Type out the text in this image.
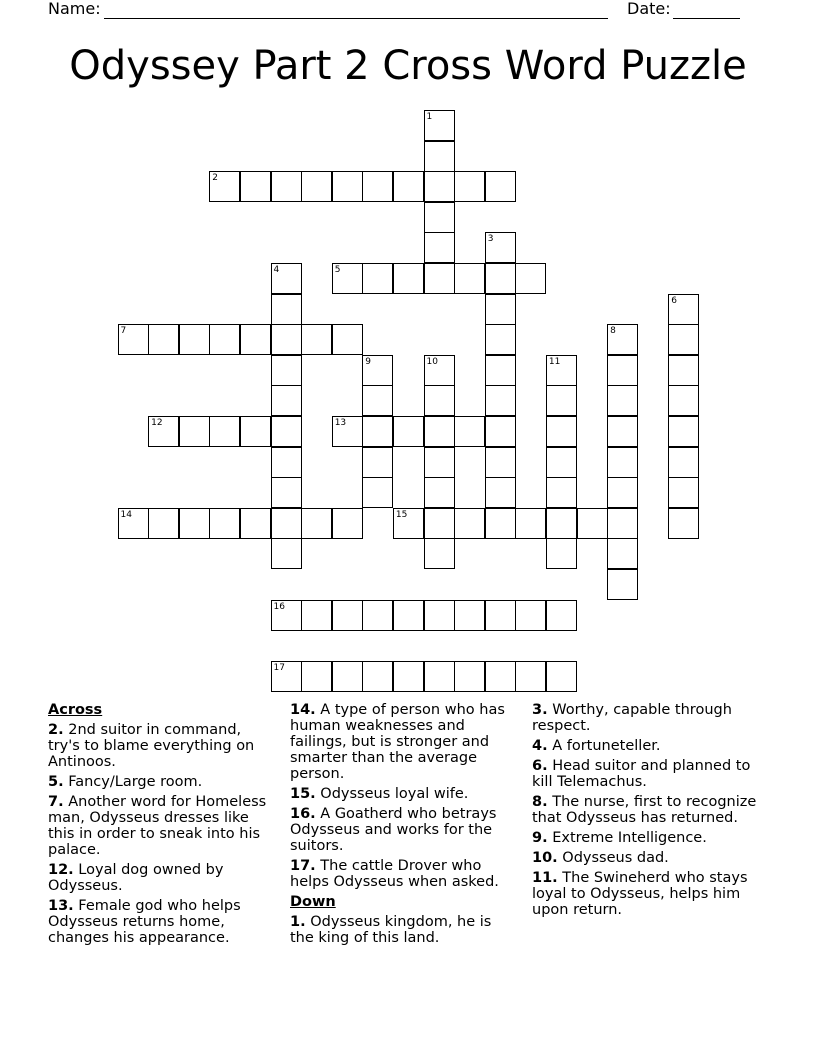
Name:	Date:
Odyssey Part 2 Cross Word Puzzle
1
2
3
4	5
6
7	8
9	10	11
12	13
14	15
16
17
Across
2. 2nd suitor in command, try's to blame everything on Antinoos.
5. Fancy/Large room.
7. Another word for Homeless man, Odysseus dresses like this in order to sneak into his palace.
12. Loyal dog owned by Odysseus.
13. Female god who helps Odysseus returns home, changes his appearance.
14. A type of person who has human weaknesses and failings, but is stronger and smarter than the average person.
15. Odysseus loyal wife.
16. A Goatherd who betrays Odysseus and works for the suitors.
17. The cattle Drover who helps Odysseus when asked.
Down
1. Odysseus kingdom, he is the king of this land.
3. Worthy, capable through respect.
4. A fortuneteller.
6. Head suitor and planned to kill Telemachus.
8. The nurse, first to recognize that Odysseus has returned.
9. Extreme Intelligence.
10. Odysseus dad.
11. The Swineherd who stays loyal to Odysseus, helps him upon return.
